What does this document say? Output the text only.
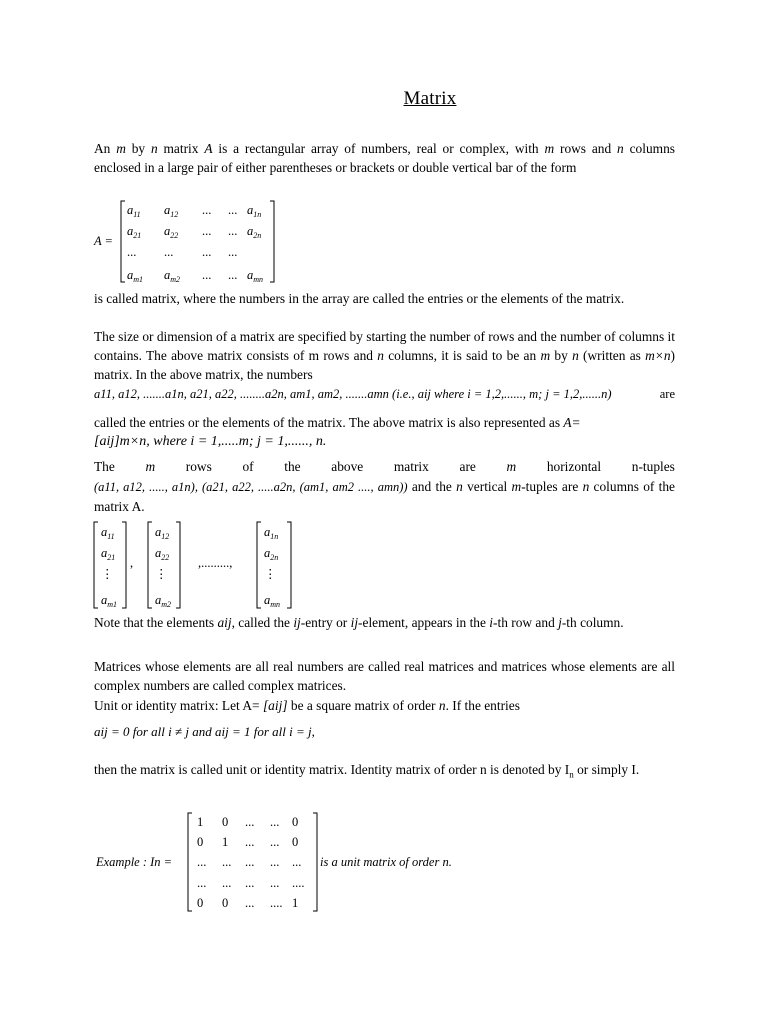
Matrix
An m by n matrix A is a rectangular array of numbers, real or complex, with m rows and n columns enclosed in a large pair of either parentheses or brackets or double vertical bar of the form
A =
$a_{11}$ $a_{12}$ ... ... $a_{1n}$
$a_{21}$ $a_{22}$ ... ... $a_{2n}$
... ... ... ...
$a_{m1}$ $a_{m2}$ ... ... $a_{mn}$
is called matrix, where the numbers in the array are called the entries or the elements of the matrix.
The size or dimension of a matrix are specified by starting the number of rows and the number of columns it contains. The above matrix consists of m rows and n columns, it is said to be an m by n (written as m×n) matrix. In the above matrix, the numbers
a11, a12, .......a1n, a21, a22, ........a2n, am1, am2, .......amn (i.e., aij where i = 1,2,......, m; j = 1,2,......n)	are
called the entries or the elements of the matrix. The above matrix is also represented as A=
[aij]m×n, where i = 1,.....m; j = 1,......, n.
The m rows of the above matrix are m horizontal n-tuples
(a11, a12, ....., a1n), (a21, a22, .....a2n, (am1, am2 ...., amn)) and the n vertical m-tuples are n columns of the matrix A.
,	,.........,
$a_{11}$
$a_{21}$
⋮
$a_{m1}$
$a_{12}$
$a_{22}$
⋮
$a_{m2}$
$a_{1n}$
$a_{2n}$
⋮
$a_{mn}$
Note that the elements aij, called the ij-entry or ij-element, appears in the i-th row and j-th column.
Matrices whose elements are all real numbers are called real matrices and matrices whose elements are all complex numbers are called complex matrices.
Unit or identity matrix: Let A= [aij] be a square matrix of order n. If the entries
aij = 0 for all i ≠ j and aij = 1 for all i = j,
then the matrix is called unit or identity matrix. Identity matrix of order n is denoted by $I_n$ or simply I.
Example : In =	is a unit matrix of order n.
1 0 ... ... 0
0 1 ... ... 0
... ... ... ... ...
... ... ... ... ....
0 0 ... .... 1
